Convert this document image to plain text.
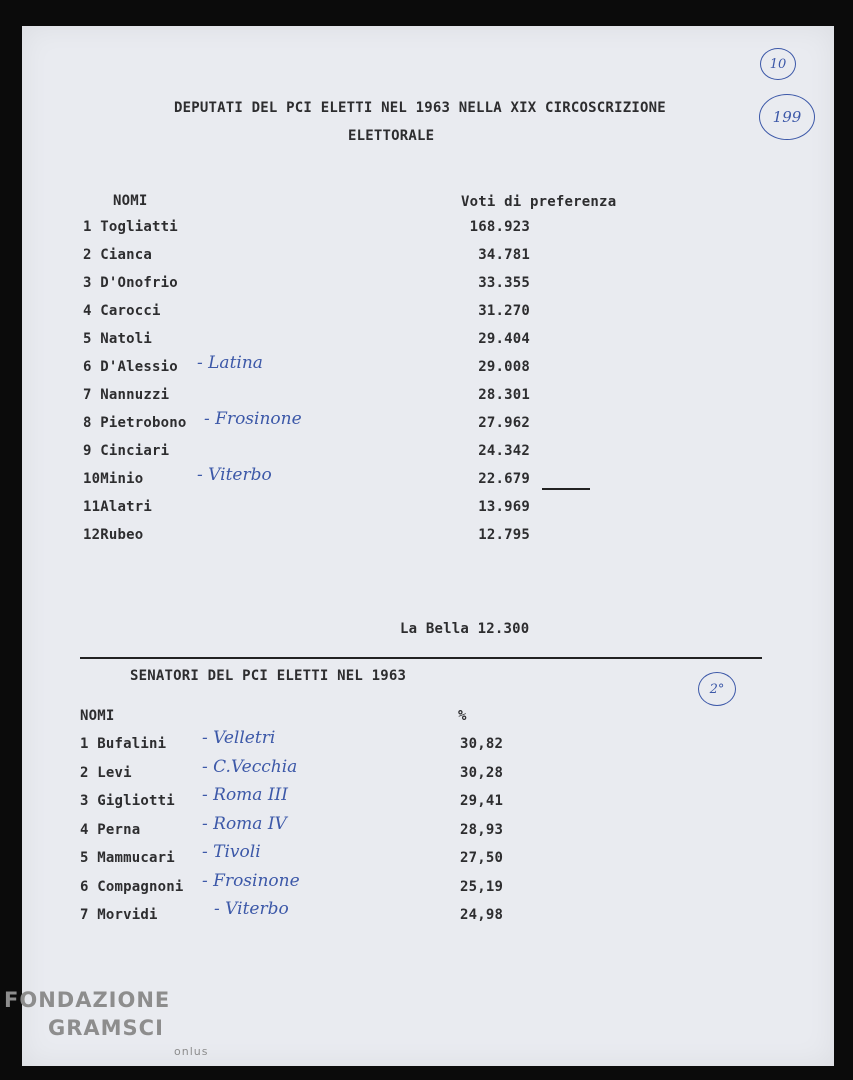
10
199
DEPUTATI DEL PCI ELETTI NEL 1963 NELLA XIX CIRCOSCRIZIONE
ELETTORALE
NOMI	Voti di preferenza
1 Togliatti	168.923
2 Cianca	34.781
3 D'Onofrio	33.355
4 Carocci	31.270
5 Natoli	29.404
6 D'Alessio	29.008
- Latina
7 Nannuzzi	28.301
8 Pietrobono	27.962
- Frosinone
9 Cinciari	24.342
10Minio	22.679
- Viterbo
11Alatri	13.969
12Rubeo	12.795
La Bella 12.300
SENATORI DEL PCI ELETTI NEL 1963
2°
NOMI	%
1 Bufalini	30,82
- Velletri
2 Levi	30,28
- C.Vecchia
3 Gigliotti	29,41
- Roma III
4 Perna	28,93
- Roma IV
5 Mammucari	27,50
- Tivoli
6 Compagnoni	25,19
- Frosinone
7 Morvidi	24,98
- Viterbo
FONDAZIONE
GRAMSCI
onlus
